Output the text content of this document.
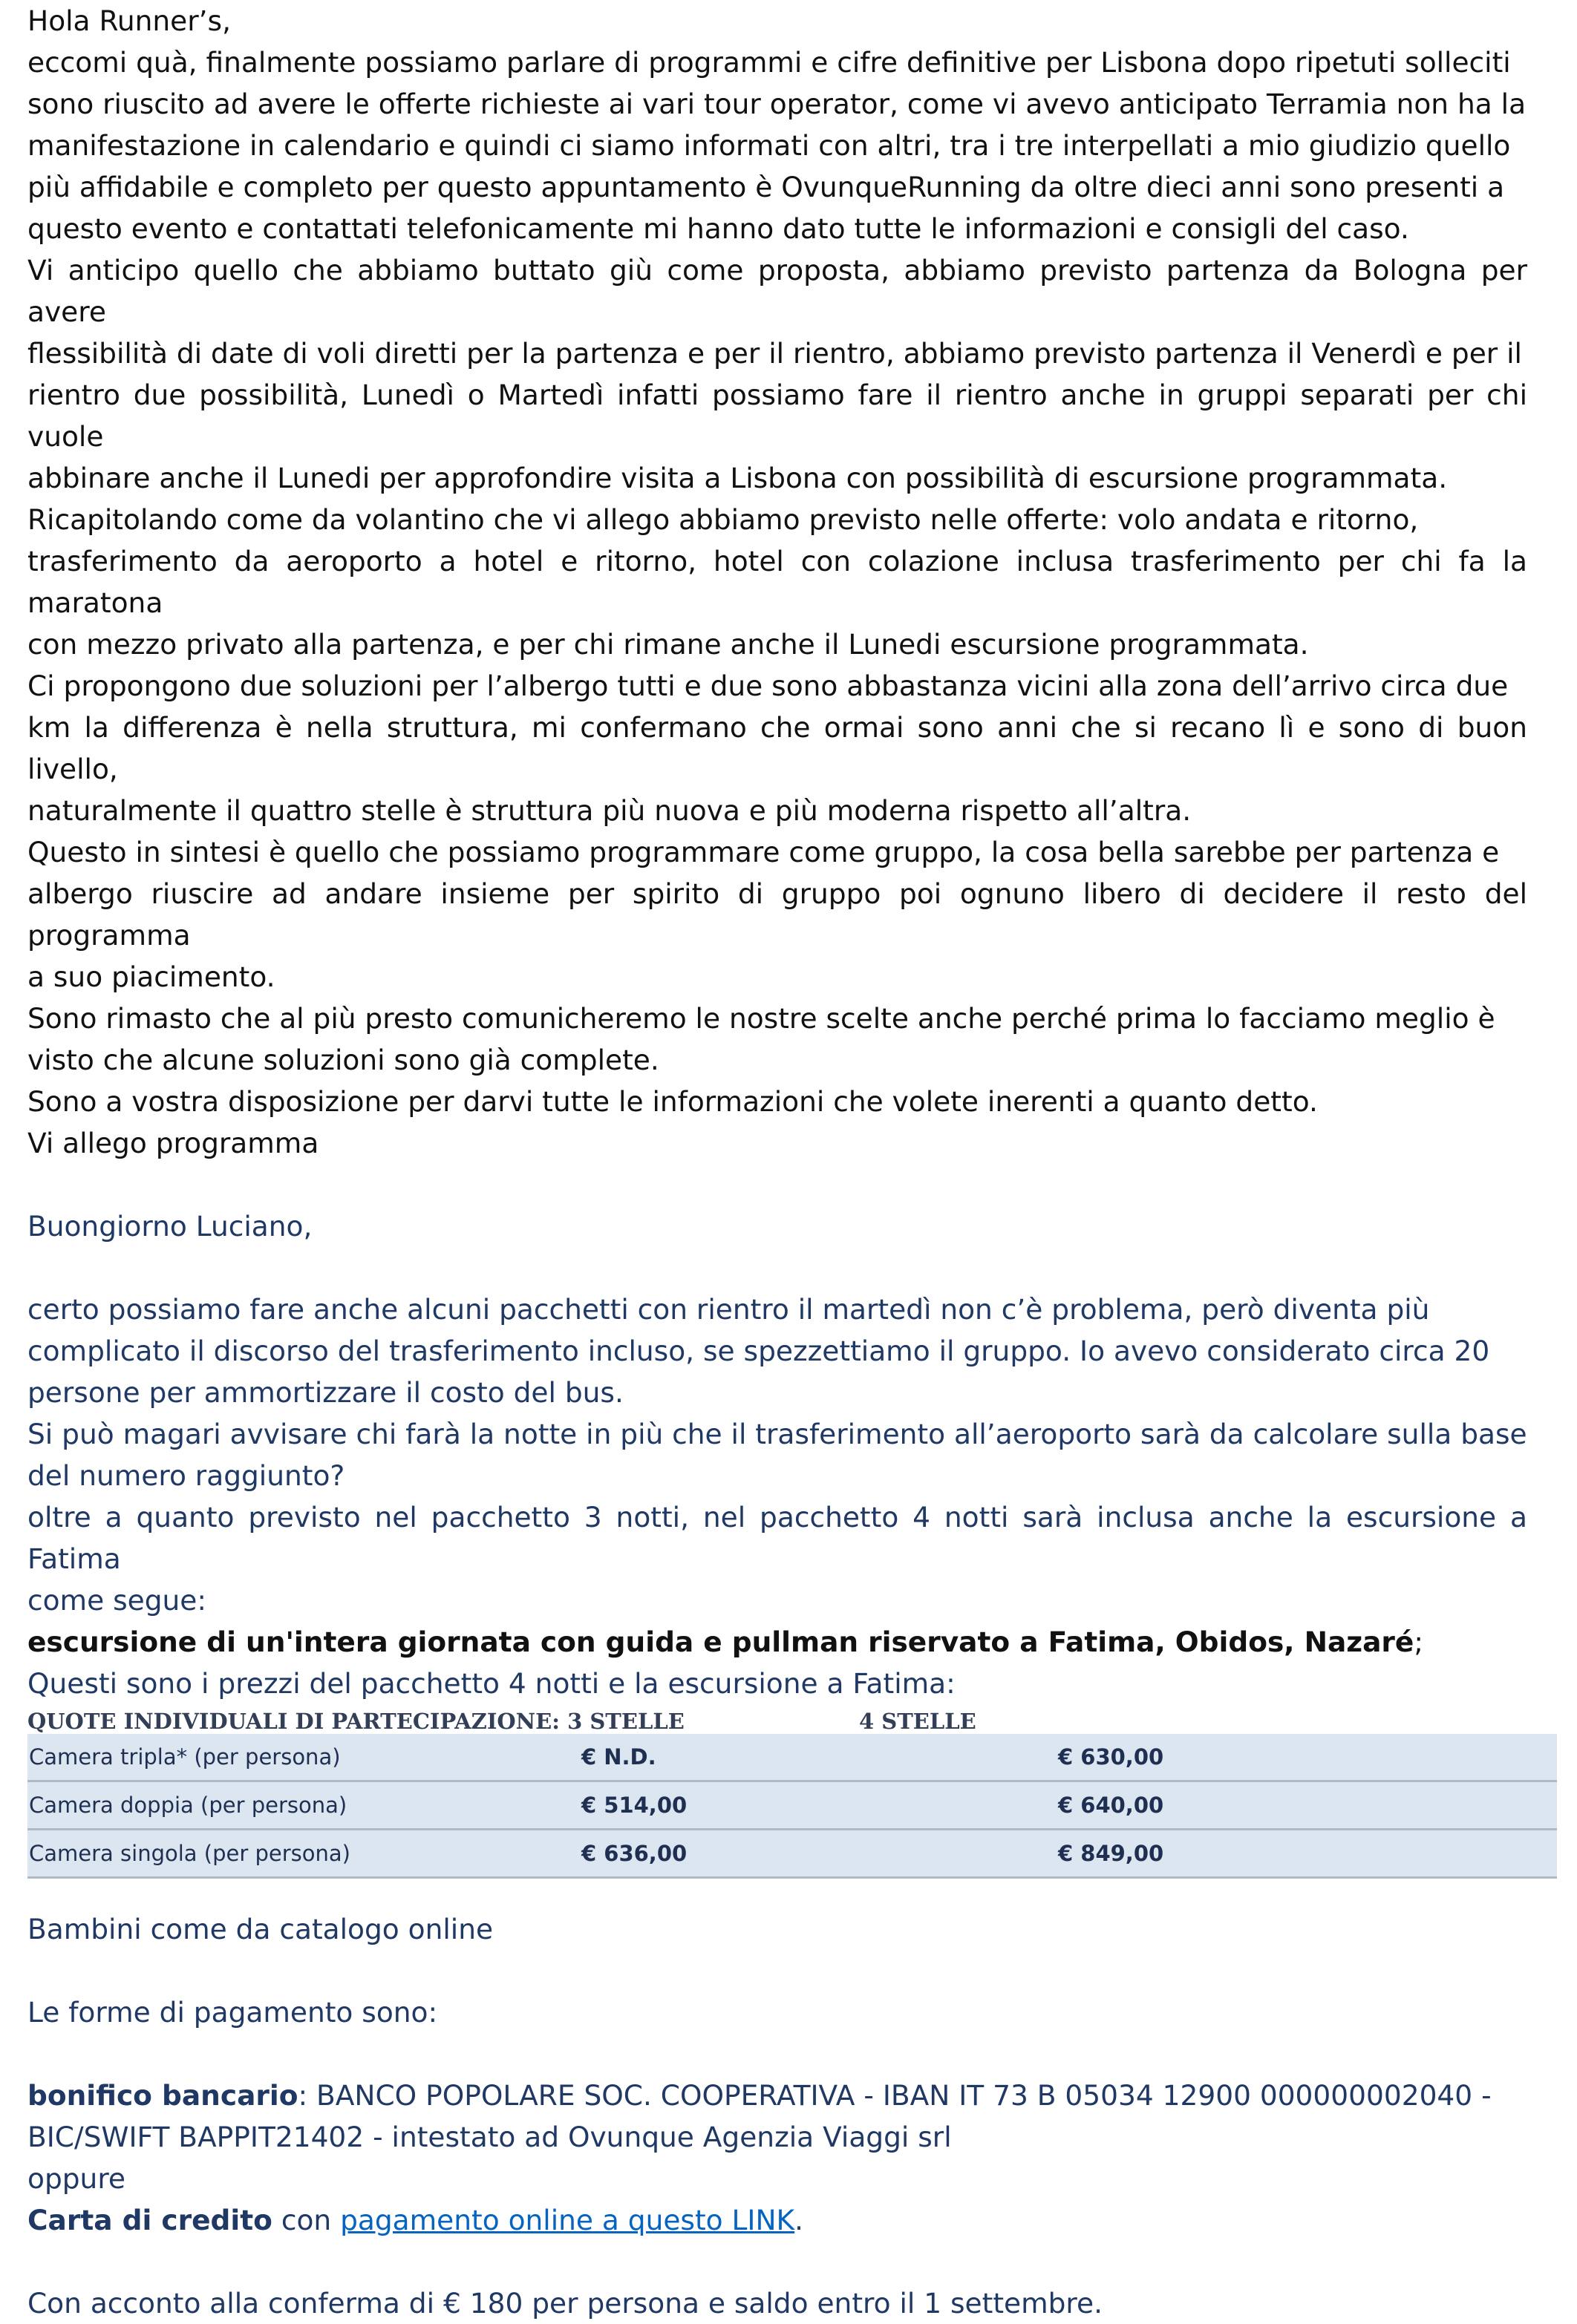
Hola Runner’s,

eccomi quà, finalmente possiamo parlare di programmi e cifre definitive per Lisbona dopo ripetuti solleciti

sono riuscito ad avere le offerte richieste ai vari tour operator, come vi avevo anticipato Terramia non ha la

manifestazione in calendario e quindi ci siamo informati con altri, tra i tre interpellati a mio giudizio quello

più affidabile e completo per questo appuntamento è OvunqueRunning da oltre dieci anni sono presenti a

questo evento e contattati telefonicamente mi hanno dato tutte le informazioni e consigli del caso.

Vi anticipo quello che abbiamo buttato giù come proposta, abbiamo previsto partenza da Bologna per avere

flessibilità di date di voli diretti per la partenza e per il rientro, abbiamo previsto partenza il Venerdì e per il

rientro due possibilità, Lunedì o Martedì infatti possiamo fare il rientro anche in gruppi separati per chi vuole

abbinare anche il Lunedi per approfondire visita a Lisbona con possibilità di escursione programmata.

Ricapitolando come da volantino che vi allego abbiamo previsto nelle offerte: volo andata e ritorno,

trasferimento da aeroporto a hotel e ritorno, hotel con colazione inclusa trasferimento per chi fa la maratona

con mezzo privato alla partenza, e per chi rimane anche il Lunedi escursione programmata.

Ci propongono due soluzioni per l’albergo tutti e due sono abbastanza vicini alla zona dell’arrivo circa due

km la differenza è nella struttura, mi confermano che ormai sono anni che si recano lì e sono di buon livello,

naturalmente il quattro stelle è struttura più nuova e più moderna rispetto all’altra.

Questo in sintesi è quello che possiamo programmare come gruppo, la cosa bella sarebbe per partenza e

albergo riuscire ad andare insieme per spirito di gruppo poi ognuno libero di decidere il resto del programma

a suo piacimento.

Sono rimasto che al più presto comunicheremo le nostre scelte anche perché prima lo facciamo meglio è

visto che alcune soluzioni sono già complete.

Sono a vostra disposizione per darvi tutte le informazioni che volete inerenti a quanto detto.

Vi allego programma

Buongiorno Luciano,

certo possiamo fare anche alcuni pacchetti con rientro il martedì non c’è problema, però diventa più

complicato il discorso del trasferimento incluso, se spezzettiamo il gruppo. Io avevo considerato circa 20

persone per ammortizzare il costo del bus.

Si può magari avvisare chi farà la notte in più che il trasferimento all’aeroporto sarà da calcolare sulla base

del numero raggiunto?

oltre a quanto previsto nel pacchetto 3 notti, nel pacchetto 4 notti sarà inclusa anche la escursione a Fatima

come segue:

escursione di un'intera giornata con guida e pullman riservato a Fatima, Obidos, Nazaré;

Questi sono i prezzi del pacchetto 4 notti e la escursione a Fatima:

QUOTE INDIVIDUALI DI PARTECIPAZIONE: 3 STELLE	4 STELLE
Camera tripla* (per persona)	€ N.D.	€ 630,00
Camera doppia (per persona)	€ 514,00	€ 640,00
Camera singola (per persona)	€ 636,00	€ 849,00

Bambini come da catalogo online

Le forme di pagamento sono:

bonifico bancario: BANCO POPOLARE SOC. COOPERATIVA - IBAN IT 73 B 05034 12900 000000002040 -

BIC/SWIFT BAPPIT21402 - intestato ad Ovunque Agenzia Viaggi srl

oppure

Carta di credito con pagamento online a questo LINK.

Con acconto alla conferma di € 180 per persona e saldo entro il 1 settembre.
